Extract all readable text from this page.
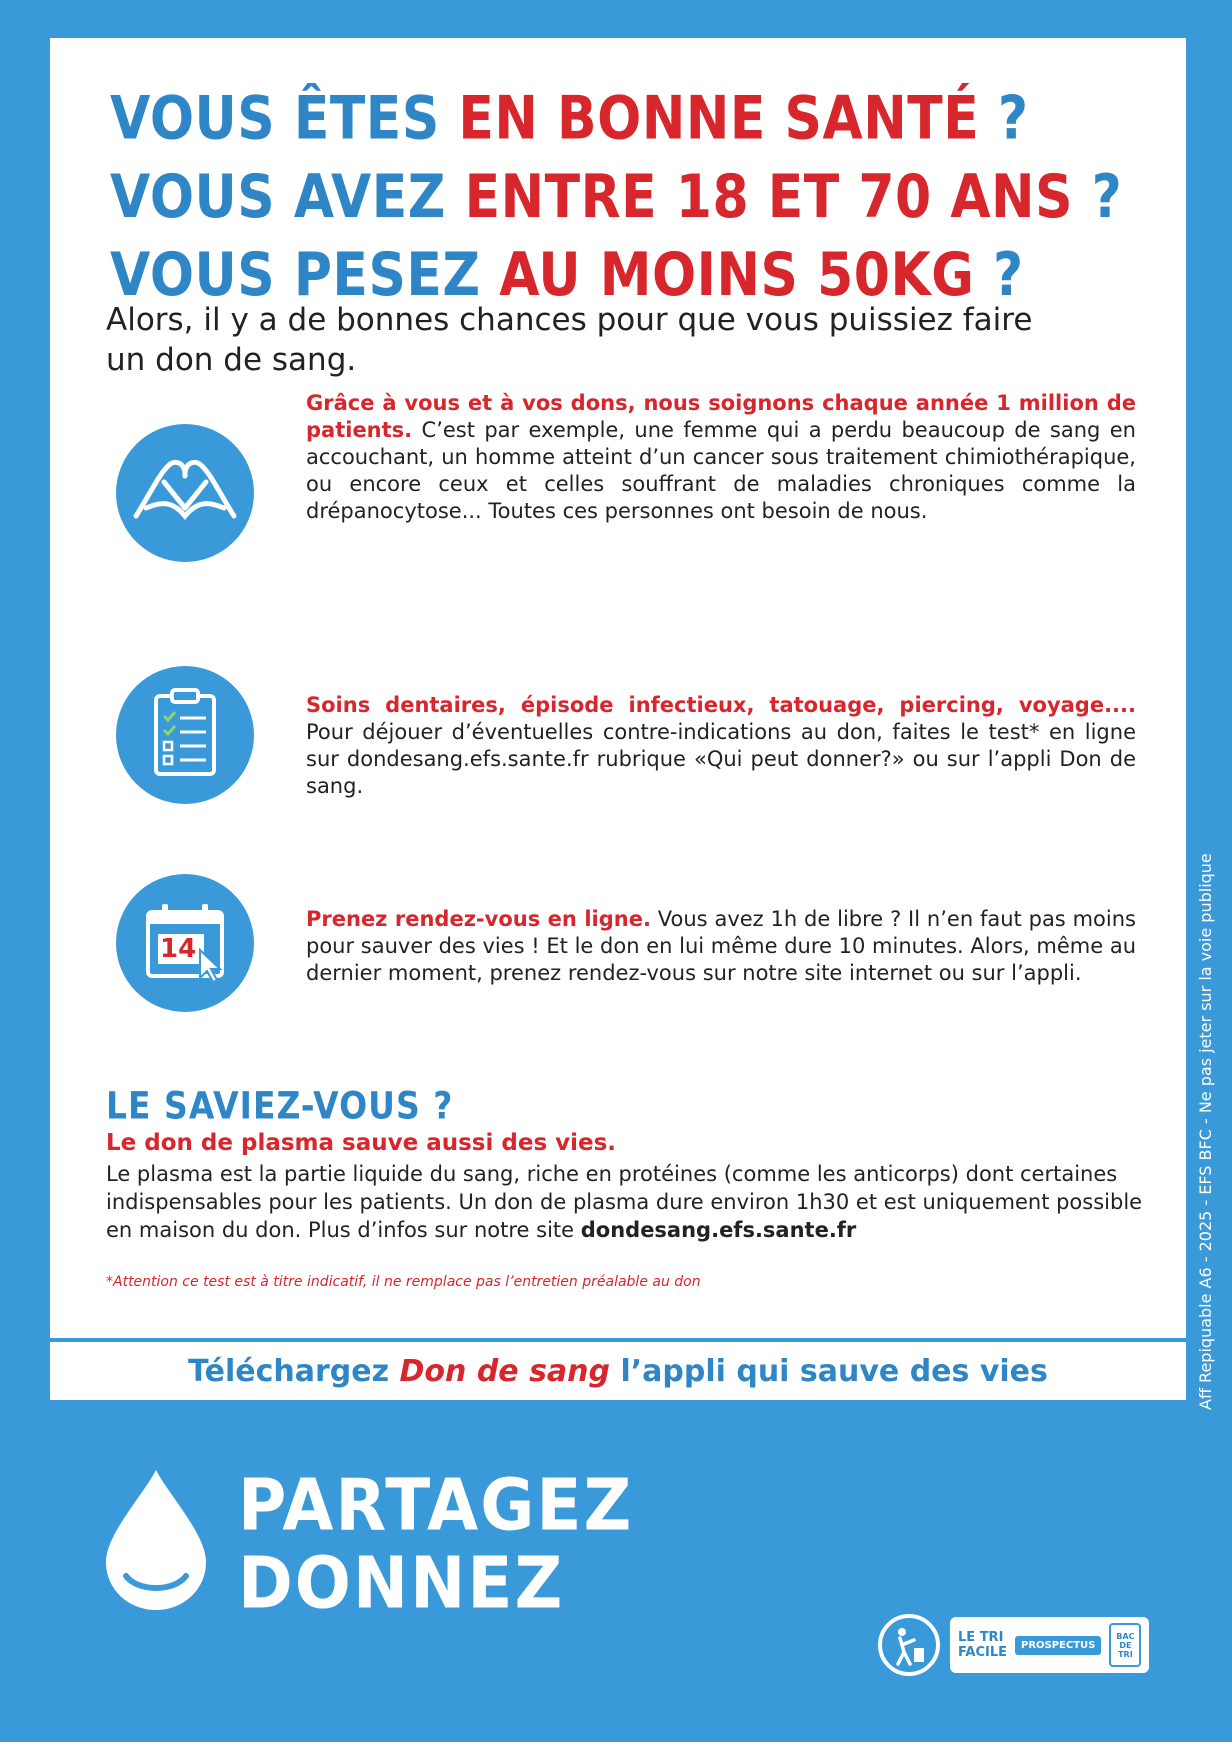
VOUS ÊTES EN BONNE SANTÉ ?
VOUS AVEZ ENTRE 18 ET 70 ANS ?
VOUS PESEZ AU MOINS 50KG ?
Alors, il y a de bonnes chances pour que vous puissiez faire un don de sang.
Grâce à vous et à vos dons, nous soignons chaque année 1 million de patients. C’est par exemple, une femme qui a perdu beaucoup de sang en accouchant, un homme atteint d’un cancer sous traitement chimiothérapique, ou encore ceux et celles souffrant de maladies chroniques comme la drépanocytose... Toutes ces personnes ont besoin de nous.
Soins dentaires, épisode infectieux, tatouage, piercing, voyage.... Pour déjouer d’éventuelles contre-indications au don, faites le test* en ligne sur dondesang.efs.sante.fr rubrique «Qui peut donner?» ou sur l’appli Don de sang.
14
Prenez rendez-vous en ligne. Vous avez 1h de libre ? Il n’en faut pas moins pour sauver des vies ! Et le don en lui même dure 10 minutes. Alors, même au dernier moment, prenez rendez-vous sur notre site internet ou sur l’appli.
LE SAVIEZ-VOUS ?
Le don de plasma sauve aussi des vies.
Le plasma est la partie liquide du sang, riche en protéines (comme les anticorps) dont certaines indispensables pour les patients. Un don de plasma dure environ 1h30 et est uniquement possible en maison du don. Plus d’infos sur notre site dondesang.efs.sante.fr
*Attention ce test est à titre indicatif, il ne remplace pas l’entretien préalable au don
Téléchargez Don de sang l’appli qui sauve des vies	Aff Repiquable A6 - 2025 - EFS BFC - Ne pas jeter sur la voie publique
PARTAGEZ
DONNEZ
LE TRI
FACILE	PROSPECTUS
BAC DE TRI
